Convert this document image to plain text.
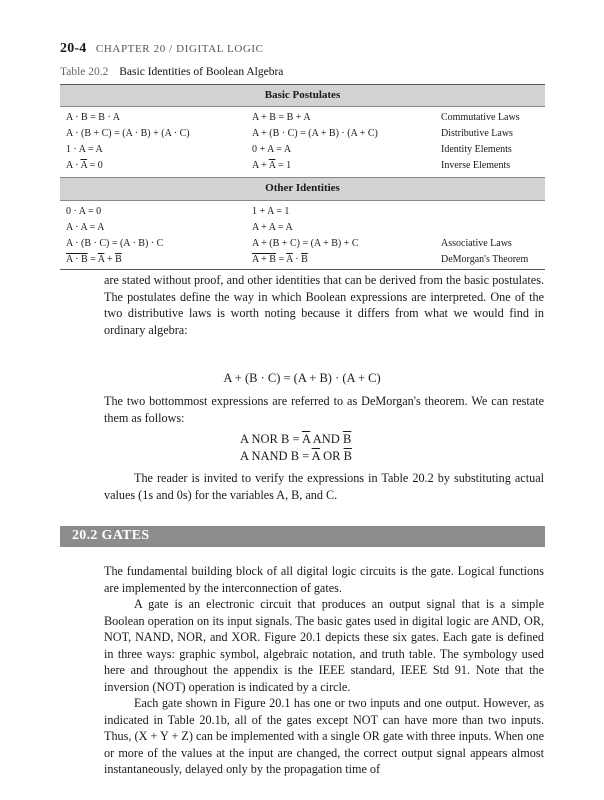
20-4 CHAPTER 20 / DIGITAL LOGIC
Table 20.2 Basic Identities of Boolean Algebra
Basic Postulates
A · B = B · A	A + B = B + A	Commutative Laws
A · (B + C) = (A · B) + (A · C)	A + (B · C) = (A + B) · (A + C)	Distributive Laws
1 · A = A	0 + A = A	Identity Elements
$A \cdot \overline{A} = 0$	$A + \overline{A} = 1$	Inverse Elements
Other Identities
0 · A = 0	1 + A = 1
A · A = A	A + A = A
A · (B · C) = (A · B) · C	A + (B + C) = (A + B) + C	Associative Laws
$A \cdot B = \overline{A} + \overline{B}$	$A + B = \overline{A} \cdot \overline{B}$	DeMorgan's Theorem

are stated without proof, and other identities that can be derived from the basic postulates. The postulates define the way in which Boolean expressions are interpreted. One of the two distributive laws is worth noting because it differs from what we would find in ordinary algebra:

A + (B · C) = (A + B) · (A + C)

The two bottommost expressions are referred to as DeMorgan's theorem. We can restate them as follows:

A NOR $B = \overline{A}$ AND $\overline{B}$
A NAND $B = \overline{A}$ OR $\overline{B}$

The reader is invited to verify the expressions in Table 20.2 by substituting actual values (1s and 0s) for the variables A, B, and C.

20.2 GATES

The fundamental building block of all digital logic circuits is the gate. Logical functions are implemented by the interconnection of gates.

A gate is an electronic circuit that produces an output signal that is a simple Boolean operation on its input signals. The basic gates used in digital logic are AND, OR, NOT, NAND, NOR, and XOR. Figure 20.1 depicts these six gates. Each gate is defined in three ways: graphic symbol, algebraic notation, and truth table. The symbology used here and throughout the appendix is the IEEE standard, IEEE Std 91. Note that the inversion (NOT) operation is indicated by a circle.

Each gate shown in Figure 20.1 has one or two inputs and one output. However, as indicated in Table 20.1b, all of the gates except NOT can have more than two inputs. Thus, (X + Y + Z) can be implemented with a single OR gate with three inputs. When one or more of the values at the input are changed, the correct output signal appears almost instantaneously, delayed only by the propagation time of
